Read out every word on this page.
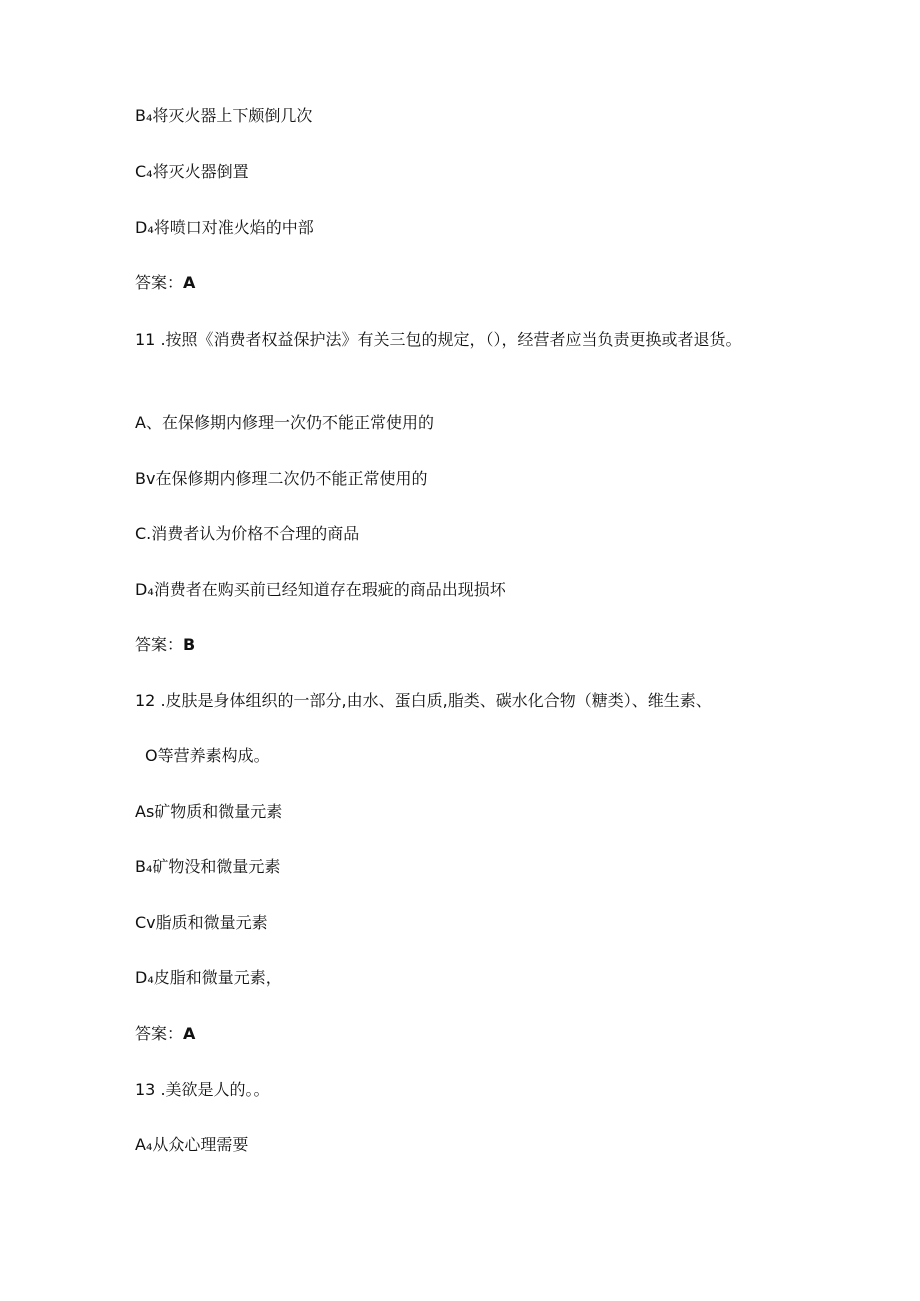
B₄将灭火器上下颇倒几次

C₄将灭火器倒置

D₄将喷口对准火焰的中部

答案：A

11 .按照《消费者权益保护法》有关三包的规定，（），经营者应当负责更换或者退货。

A、在保修期内修理一次仍不能正常使用的

Bv在保修期内修理二次仍不能正常使用的

C.消费者认为价格不合理的商品

D₄消费者在购买前已经知道存在瑕疵的商品出现损坏

答案：B

12 .皮肤是身体组织的一部分,由水、蛋白质,脂类、碳水化合物（糖类）、维生素、

O等营养素构成。

As矿物质和微量元素

B₄矿物没和微量元素

Cv脂质和微量元素

D₄皮脂和微量元素，

答案：A

13 .美欲是人的。。

A₄从众心理需要
